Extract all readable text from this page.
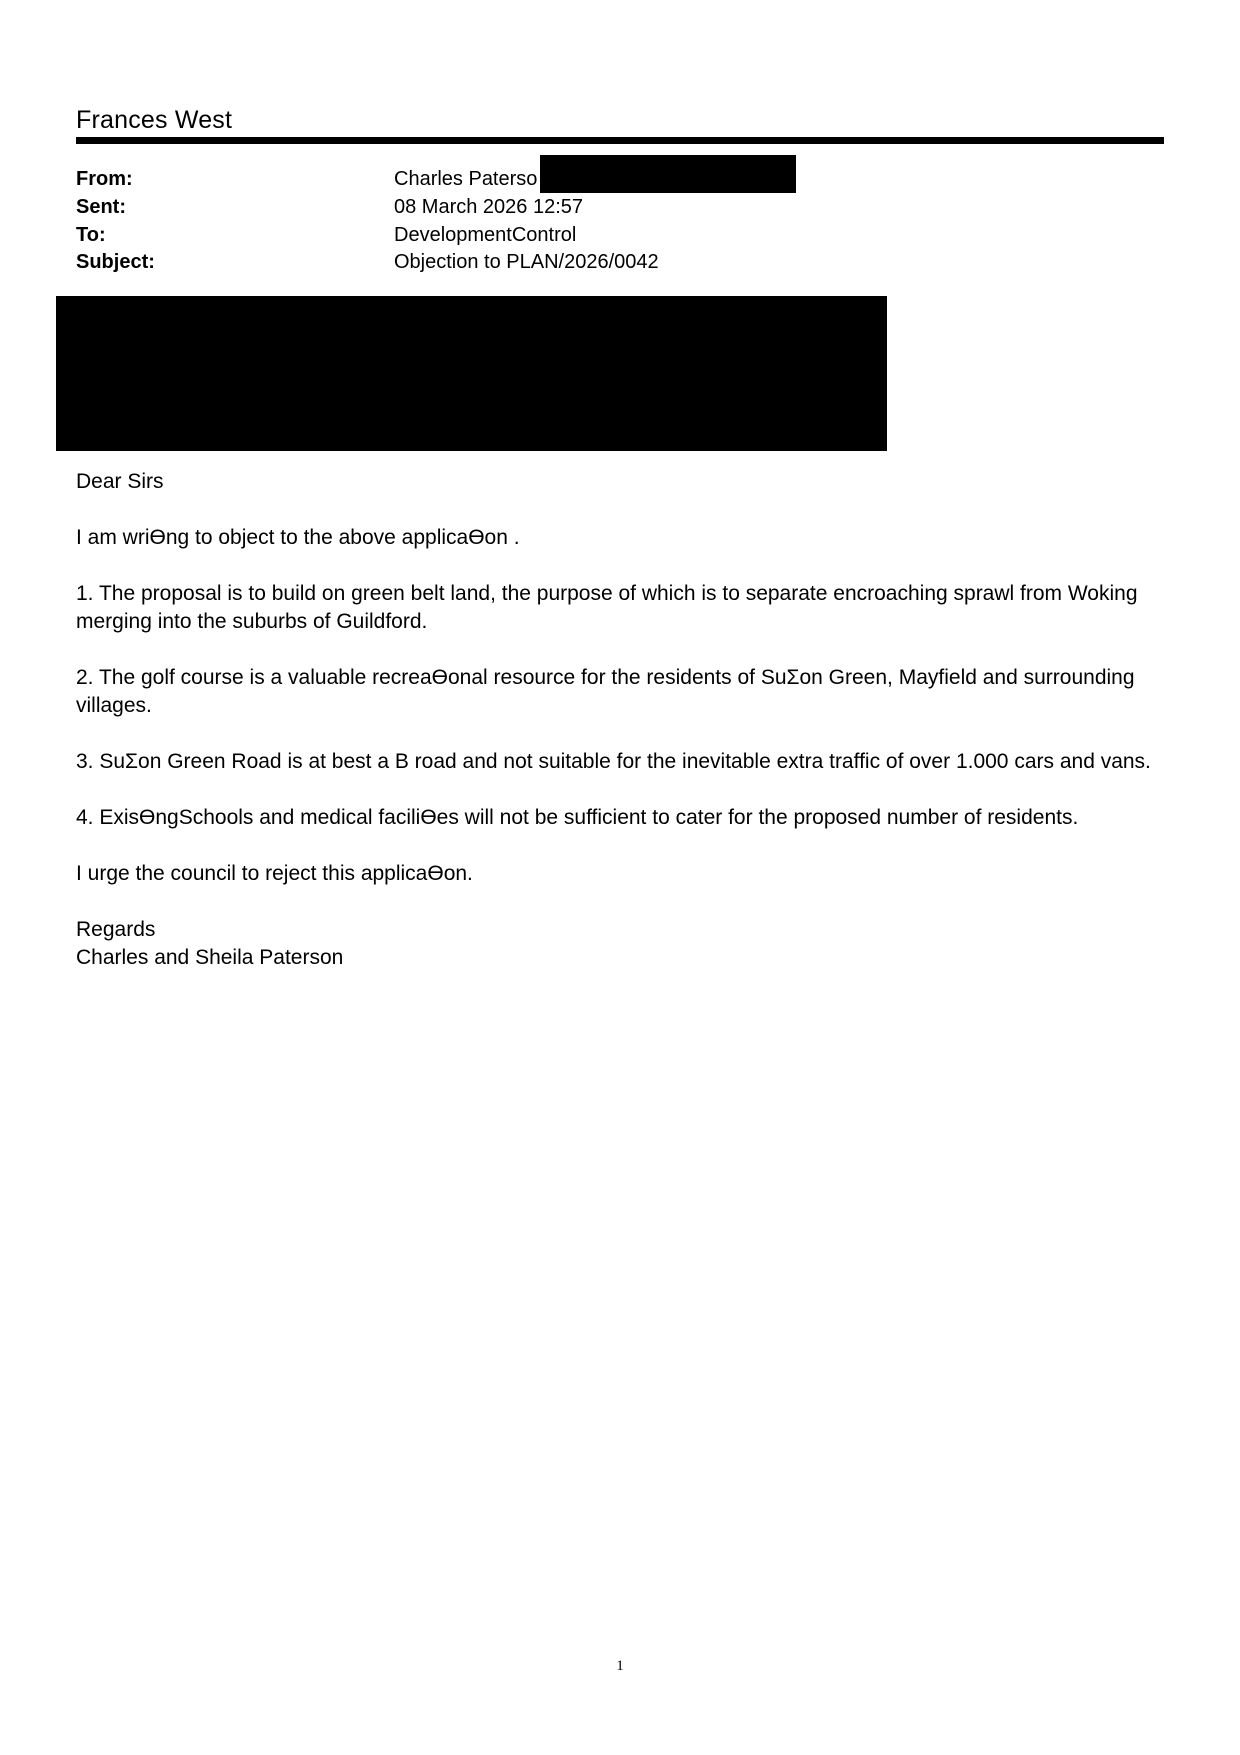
Frances West
From:	Charles Paterso
Sent:	08 March 2026 12:57
To:	DevelopmentControl
Subject:	Objection to PLAN/2026/0042
Dear Sirs
I am wriƟng to object to the above applicaƟon .
1. The proposal is to build on green belt land, the purpose of which is to separate encroaching sprawl from Woking
merging into the suburbs of Guildford.
2. The golf course is a valuable recreaƟonal resource for the residents of SuƩon Green, Mayfield and surrounding
villages.
3. SuƩon Green Road is at best a B road and not suitable for the inevitable extra traffic of over 1.000 cars and vans.
4. ExisƟngSchools and medical faciliƟes will not be sufficient to cater for the proposed number of residents.
I urge the council to reject this applicaƟon.
Regards
Charles and Sheila Paterson
1
